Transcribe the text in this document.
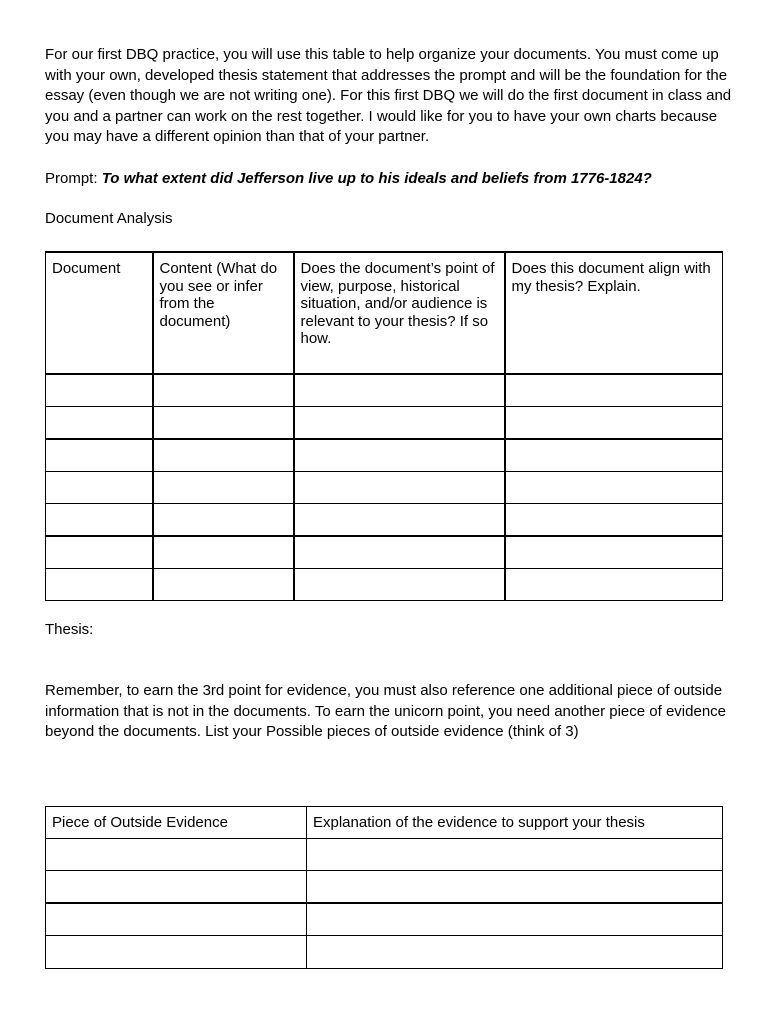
For our first DBQ practice, you will use this table to help organize your documents. You must come up with your own, developed thesis statement that addresses the prompt and will be the foundation for the essay (even though we are not writing one). For this first DBQ we will do the first document in class and you and a partner can work on the rest together. I would like for you to have your own charts because you may have a different opinion than that of your partner.
Prompt: To what extent did Jefferson live up to his ideals and beliefs from 1776-1824?
Document Analysis
Document	Content (What do you see or infer from the document)	Does the document’s point of view, purpose, historical situation, and/or audience is relevant to your thesis? If so how.	Does this document align with my thesis? Explain.

Thesis:
Remember, to earn the 3rd point for evidence, you must also reference one additional piece of outside information that is not in the documents. To earn the unicorn point, you need another piece of evidence beyond the documents. List your Possible pieces of outside evidence (think of 3)
Piece of Outside Evidence	Explanation of the evidence to support your thesis
